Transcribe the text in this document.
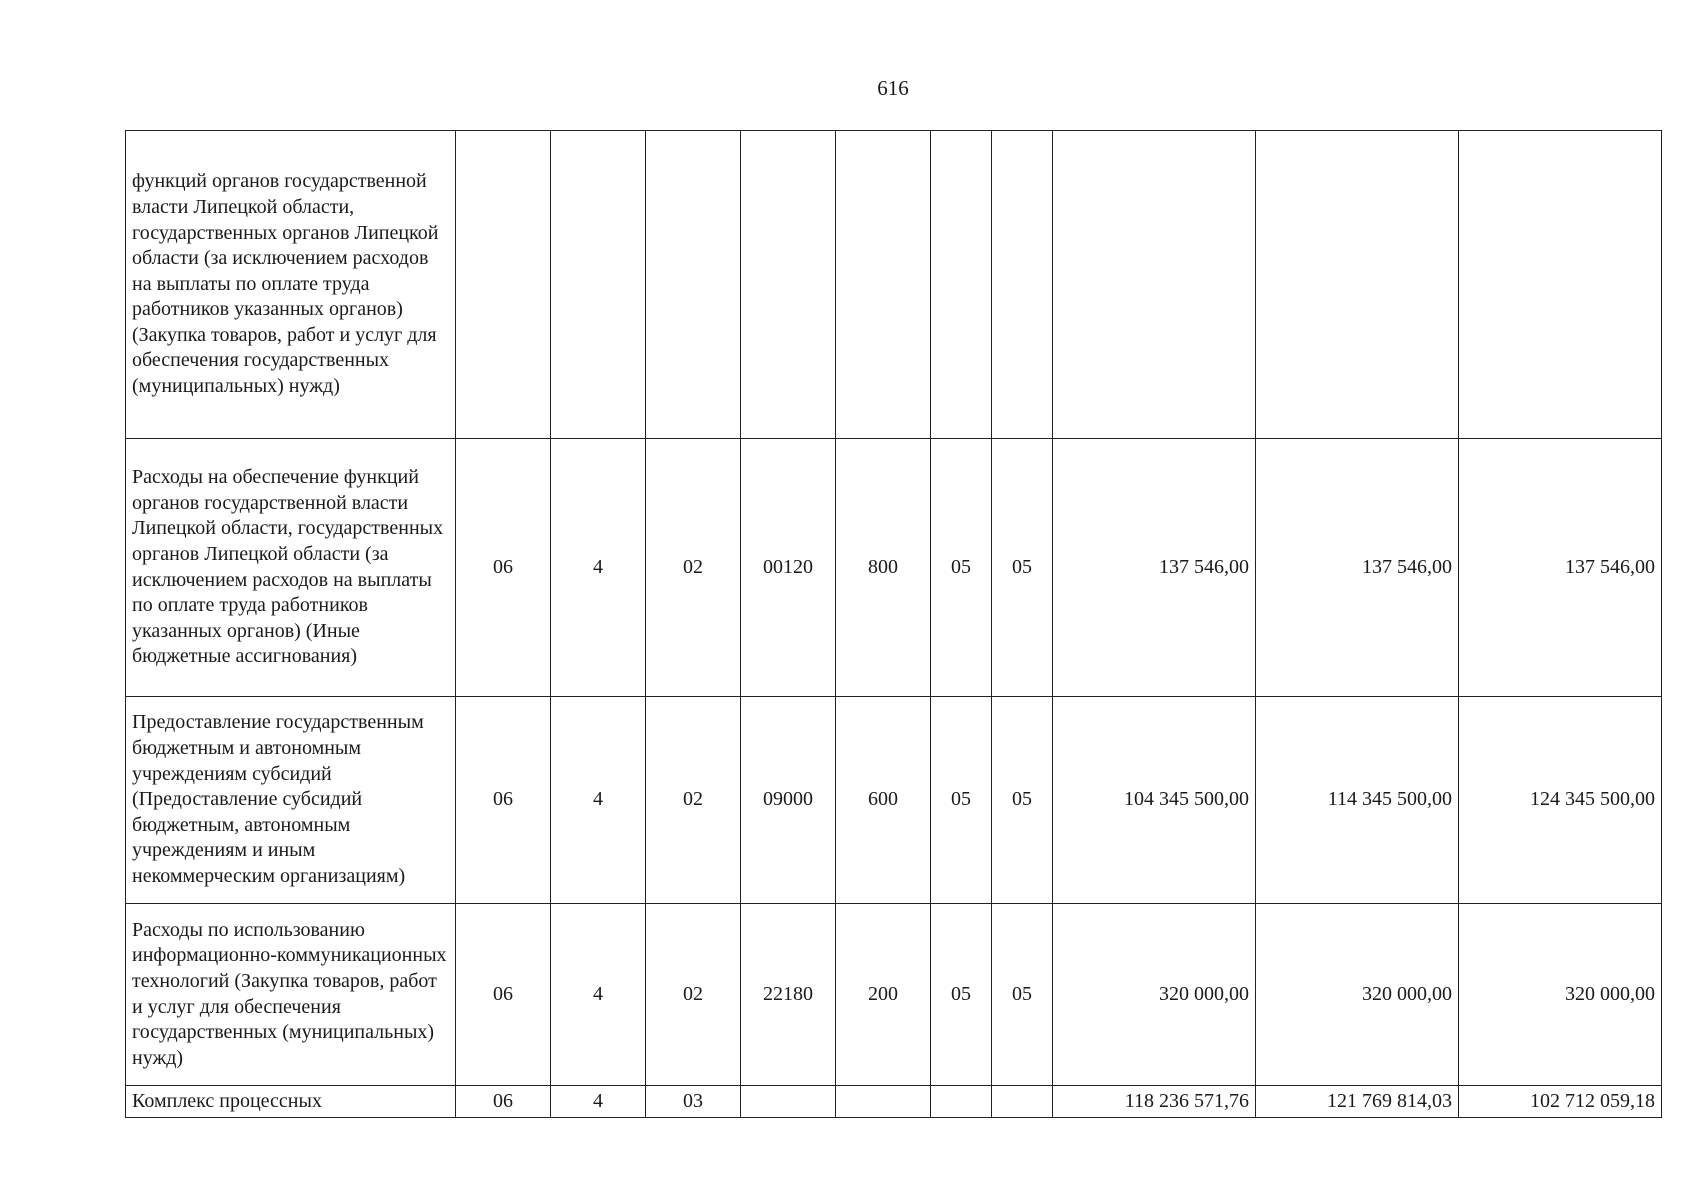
616
функций органов государственной власти Липецкой области, государственных органов Липецкой области (за исключением расходов на выплаты по оплате труда работников указанных органов) (Закупка товаров, работ и услуг для обеспечения государственных (муниципальных) нужд)										
Расходы на обеспечение функций органов государственной власти Липецкой области, государственных органов Липецкой области (за исключением расходов на выплаты по оплате труда работников указанных органов) (Иные бюджетные ассигнования)	06	4	02	00120	800	05	05	137 546,00	137 546,00	137 546,00
Предоставление государственным бюджетным и автономным учреждениям субсидий (Предоставление субсидий бюджетным, автономным учреждениям и иным некоммерческим организациям)	06	4	02	09000	600	05	05	104 345 500,00	114 345 500,00	124 345 500,00
Расходы по использованию информационно-коммуникационных технологий (Закупка товаров, работ и услуг для обеспечения государственных (муниципальных) нужд)	06	4	02	22180	200	05	05	320 000,00	320 000,00	320 000,00
Комплекс процессных	06	4	03					118 236 571,76	121 769 814,03	102 712 059,18
